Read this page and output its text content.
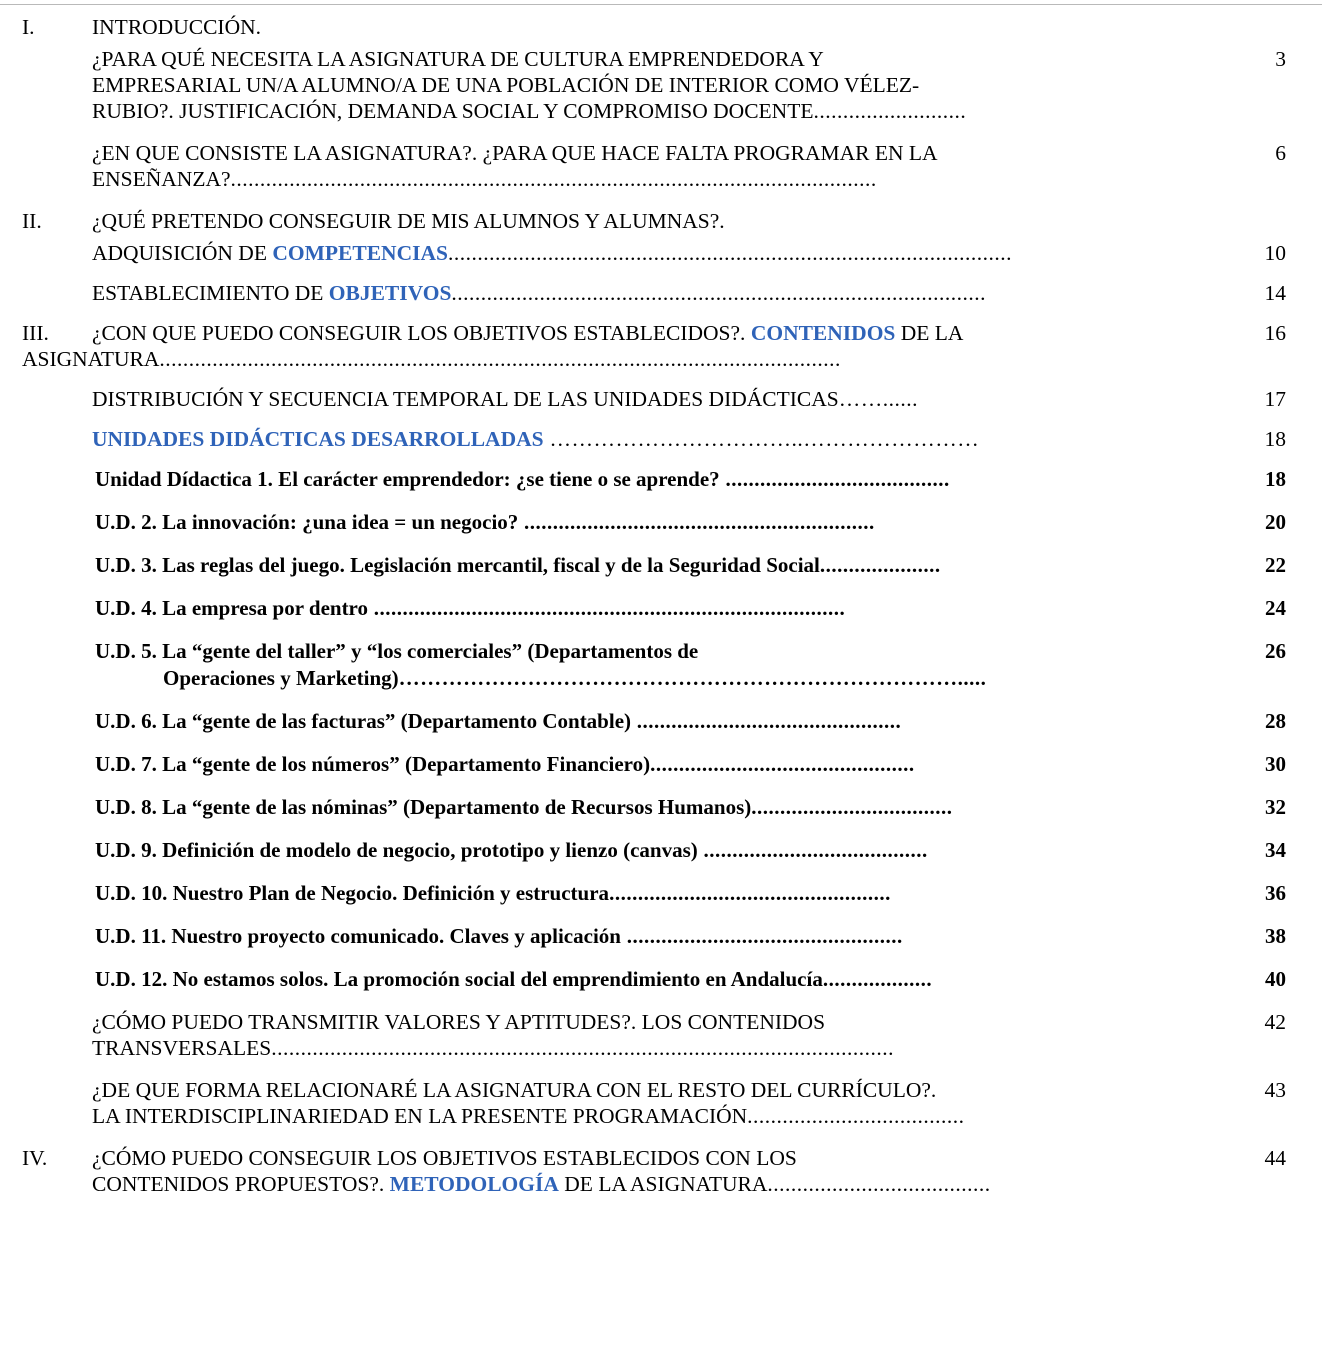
I.	INTRODUCCIÓN.
3
¿PARA QUÉ NECESITA LA ASIGNATURA DE CULTURA EMPRENDEDORA Y
EMPRESARIAL UN/A ALUMNO/A DE UNA POBLACIÓN DE INTERIOR COMO VÉLEZ-
RUBIO?. JUSTIFICACIÓN, DEMANDA SOCIAL Y COMPROMISO DOCENTE..........................
6
¿EN QUE CONSISTE LA ASIGNATURA?. ¿PARA QUE HACE FALTA PROGRAMAR EN LA
ENSEÑANZA?..............................................................................................................
II. ¿QUÉ PRETENDO CONSEGUIR DE MIS ALUMNOS Y ALUMNAS?.
10
ADQUISICIÓN DE COMPETENCIAS................................................................................................
14
ESTABLECIMIENTO DE OBJETIVOS...........................................................................................
16
III. ¿CON QUE PUEDO CONSEGUIR LOS OBJETIVOS ESTABLECIDOS?. CONTENIDOS DE LA
ASIGNATURA....................................................................................................................
17
DISTRIBUCIÓN Y SECUENCIA TEMPORAL DE LAS UNIDADES DIDÁCTICAS……......
18
UNIDADES DIDÁCTICAS DESARROLLADAS ……………………………..……………………
18
Unidad Dídactica 1. El carácter emprendedor: ¿se tiene o se aprende? .......................................
20
U.D. 2. La innovación: ¿una idea = un negocio? .............................................................
22
U.D. 3. Las reglas del juego. Legislación mercantil, fiscal y de la Seguridad Social.....................
24
U.D. 4. La empresa por dentro ..................................................................................
26
U.D. 5. La “gente del taller” y “los comerciales” (Departamentos de
Operaciones y Marketing)…………………………………………………………………….....
28
U.D. 6. La “gente de las facturas” (Departamento Contable) ..............................................
30
U.D. 7. La “gente de los números” (Departamento Financiero)..............................................
32
U.D. 8. La “gente de las nóminas” (Departamento de Recursos Humanos)...................................
34
U.D. 9. Definición de modelo de negocio, prototipo y lienzo (canvas) .......................................
36
U.D. 10. Nuestro Plan de Negocio. Definición y estructura.................................................
38
U.D. 11. Nuestro proyecto comunicado. Claves y aplicación ................................................
40
U.D. 12. No estamos solos. La promoción social del emprendimiento en Andalucía...................
42
¿CÓMO PUEDO TRANSMITIR VALORES Y APTITUDES?. LOS CONTENIDOS
TRANSVERSALES..........................................................................................................
43
¿DE QUE FORMA RELACIONARÉ LA ASIGNATURA CON EL RESTO DEL CURRÍCULO?.
LA INTERDISCIPLINARIEDAD EN LA PRESENTE PROGRAMACIÓN.....................................
44
IV. ¿CÓMO PUEDO CONSEGUIR LOS OBJETIVOS ESTABLECIDOS CON LOS
CONTENIDOS PROPUESTOS?. METODOLOGÍA DE LA ASIGNATURA......................................
